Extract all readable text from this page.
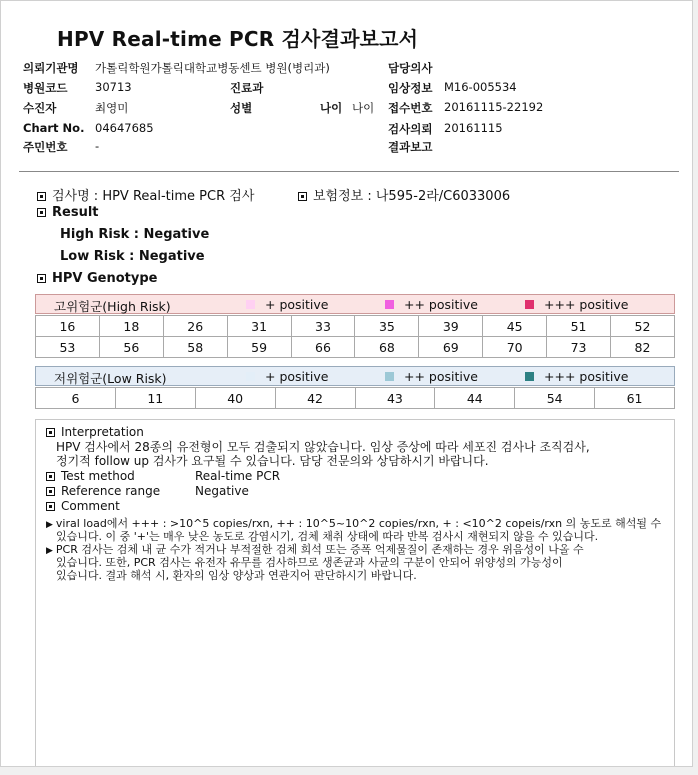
HPV Real-time PCR 검사결과보고서
의뢰기관명 가톨릭학원가톨릭대학교병동센트 병원(병리과)	담당의사
병원코드 30713	진료과	임상정보 M16-005534
수진자	최영미	성별	나이 나이 접수번호 20161115-22192
Chart No. 04647685	검사의뢰 20161115
주민번호 -	결과보고
검사명 : HPV Real-time PCR 검사	보험정보 : 나595-2라/C6033006
Result
High Risk : Negative
Low Risk : Negative
HPV Genotype
고위험군(High Risk)	+ positive	++ positive	+++ positive
16	18	26	31	33	35	39	45	51	52
53	56	58	59	66	68	69	70	73	82
저위험군(Low Risk)	+ positive	++ positive	+++ positive
6	11	40	42	43	44	54	61
Interpretation
HPV 검사에서 28종의 유전형이 모두 검출되지 않았습니다. 임상 증상에 따라 세포진 검사나 조직검사,
정기적 follow up 검사가 요구될 수 있습니다. 담당 전문의와 상담하시기 바랍니다.
Test method	Real-time PCR
Reference range	Negative
Comment
▶ viral load에서 +++ : >10^5 copies/rxn, ++ : 10^5~10^2 copies/rxn, + : <10^2 copeis/rxn 의 농도로 해석될 수
있습니다. 이 중 '+'는 매우 낮은 농도로 감염시기, 검체 채취 상태에 따라 반복 검사시 재현되지 않을 수 있습니다.
▶ PCR 검사는 검체 내 균 수가 적거나 부적절한 검체 희석 또는 증폭 억제물질이 존재하는 경우 위음성이 나올 수
있습니다. 또한, PCR 검사는 유전자 유무를 검사하므로 생존균과 사균의 구분이 안되어 위양성의 가능성이
있습니다. 결과 해석 시, 환자의 임상 양상과 연관지어 판단하시기 바랍니다.
